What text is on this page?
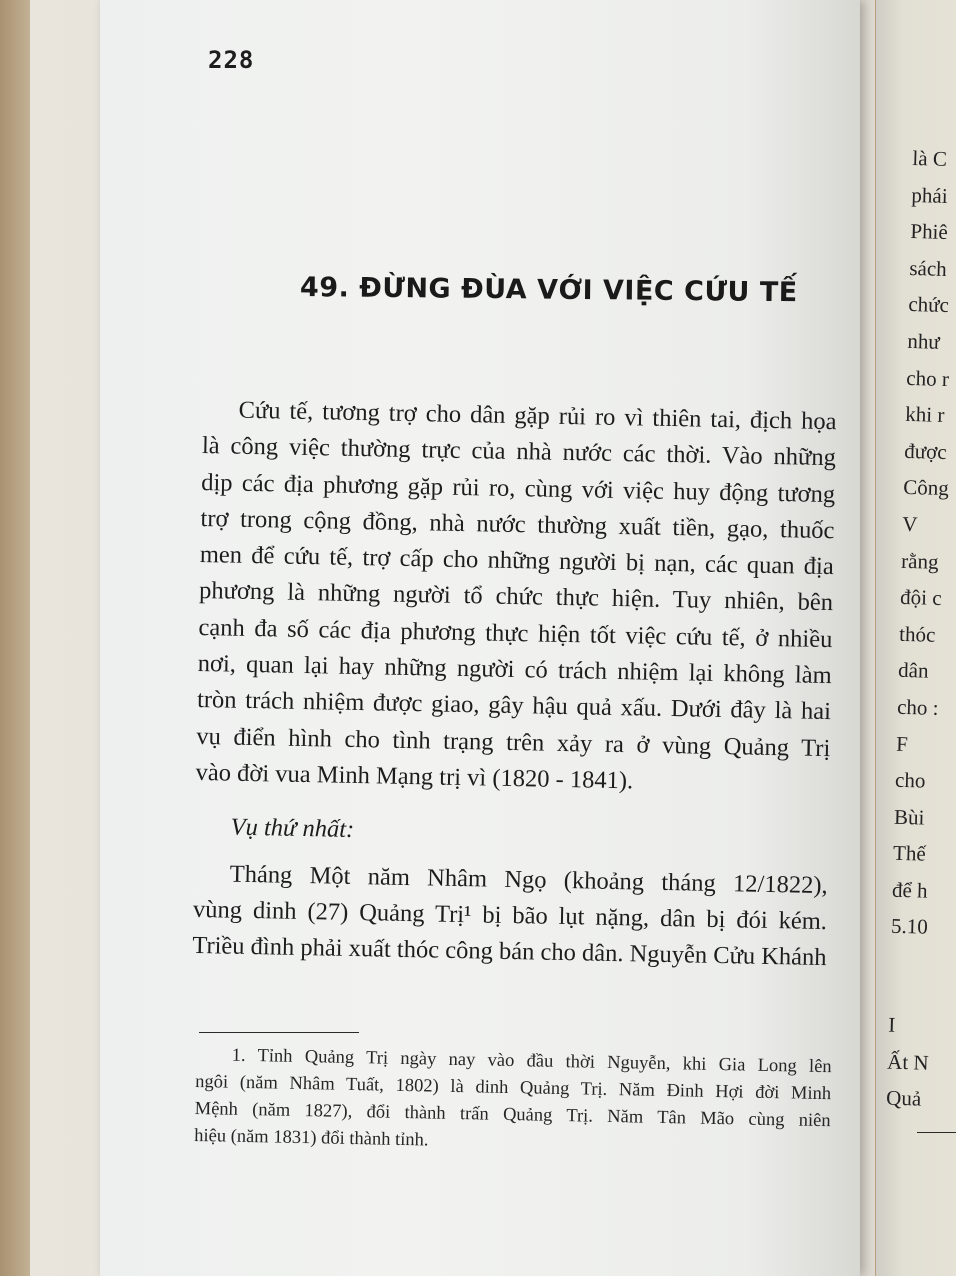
228

49. ĐỪNG ĐÙA VỚI VIỆC CỨU TẾ
Cứu tế, tương trợ cho dân gặp rủi ro vì thiên tai, địch họa
là công việc thường trực của nhà nước các thời. Vào những
dịp các địa phương gặp rủi ro, cùng với việc huy động tương
trợ trong cộng đồng, nhà nước thường xuất tiền, gạo, thuốc
men để cứu tế, trợ cấp cho những người bị nạn, các quan địa
phương là những người tổ chức thực hiện. Tuy nhiên, bên
cạnh đa số các địa phương thực hiện tốt việc cứu tế, ở nhiều
nơi, quan lại hay những người có trách nhiệm lại không làm
tròn trách nhiệm được giao, gây hậu quả xấu. Dưới đây là hai
vụ điển hình cho tình trạng trên xảy ra ở vùng Quảng Trị
vào đời vua Minh Mạng trị vì (1820 - 1841).
Vụ thứ nhất:
Tháng Một năm Nhâm Ngọ (khoảng tháng 12/1822),
vùng dinh (27) Quảng Trị¹ bị bão lụt nặng, dân bị đói kém.
Triều đình phải xuất thóc công bán cho dân. Nguyễn Cửu Khánh
1. Tỉnh Quảng Trị ngày nay vào đầu thời Nguyễn, khi Gia Long lên
ngôi (năm Nhâm Tuất, 1802) là dinh Quảng Trị. Năm Đinh Hợi đời Minh
Mệnh (năm 1827), đổi thành trấn Quảng Trị. Năm Tân Mão cùng niên
hiệu (năm 1831) đổi thành tỉnh.
là C
phái
Phiê
sách
chức
như
cho r
khi r
được
Công
V
rằng
đội c
thóc
dân
cho :
F
cho
Bùi
Thế
để h
5.10
I
Ất N
Quả
